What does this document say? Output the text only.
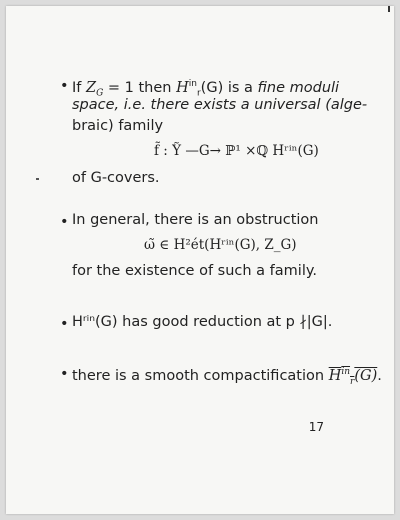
• If $Z_G = 1$ then $H^{in}_r(G)$ is a fine moduli
space, i.e. there exists a universal (alge-
braic) family
f̃ : Ỹ —G→ ℙ¹ ×ℚ Hʳⁱⁿ(G)
of G-covers.
• In general, there is an obstruction
ω̃ ∈ H²ét(Hʳⁱⁿ(G), Z_G)
for the existence of such a family.
• Hʳⁱⁿ(G) has good reduction at p ∤|G|.
• there is a smooth compactification $H^{in}_r(G)$.
17
